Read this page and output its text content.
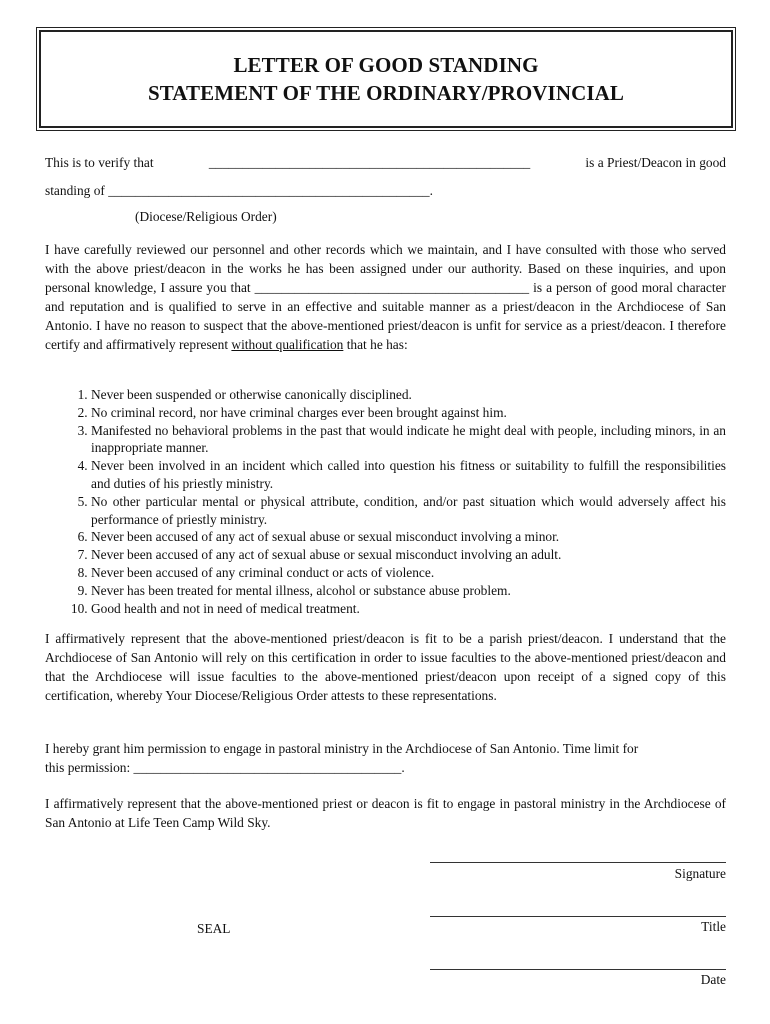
LETTER OF GOOD STANDING
STATEMENT OF THE ORDINARY/PROVINCIAL
This is to verify that	________________________________________________	is a Priest/Deacon in good
standing of ________________________________________________.
(Diocese/Religious Order)
I have carefully reviewed our personnel and other records which we maintain, and I have consulted with those who served with the above priest/deacon in the works he has been assigned under our authority. Based on these inquiries, and upon personal knowledge, I assure you that _________________________________________ is a person of good moral character and reputation and is qualified to serve in an effective and suitable manner as a priest/deacon in the Archdiocese of San Antonio. I have no reason to suspect that the above-mentioned priest/deacon is unfit for service as a priest/deacon. I therefore certify and affirmatively represent without qualification that he has:
1. Never been suspended or otherwise canonically disciplined.
2. No criminal record, nor have criminal charges ever been brought against him.
3. Manifested no behavioral problems in the past that would indicate he might deal with people, including minors, in an inappropriate manner.
4. Never been involved in an incident which called into question his fitness or suitability to fulfill the responsibilities and duties of his priestly ministry.
5. No other particular mental or physical attribute, condition, and/or past situation which would adversely affect his performance of priestly ministry.
6. Never been accused of any act of sexual abuse or sexual misconduct involving a minor.
7. Never been accused of any act of sexual abuse or sexual misconduct involving an adult.
8. Never been accused of any criminal conduct or acts of violence.
9. Never has been treated for mental illness, alcohol or substance abuse problem.
10. Good health and not in need of medical treatment.
I affirmatively represent that the above-mentioned priest/deacon is fit to be a parish priest/deacon. I understand that the Archdiocese of San Antonio will rely on this certification in order to issue faculties to the above-mentioned priest/deacon and that the Archdiocese will issue faculties to the above-mentioned priest/deacon upon receipt of a signed copy of this certification, whereby Your Diocese/Religious Order attests to these representations.
I hereby grant him permission to engage in pastoral ministry in the Archdiocese of San Antonio. Time limit for
this permission: ________________________________________.
I affirmatively represent that the above-mentioned priest or deacon is fit to engage in pastoral ministry in the Archdiocese of San Antonio at Life Teen Camp Wild Sky.
Signature
Title
SEAL
Date
